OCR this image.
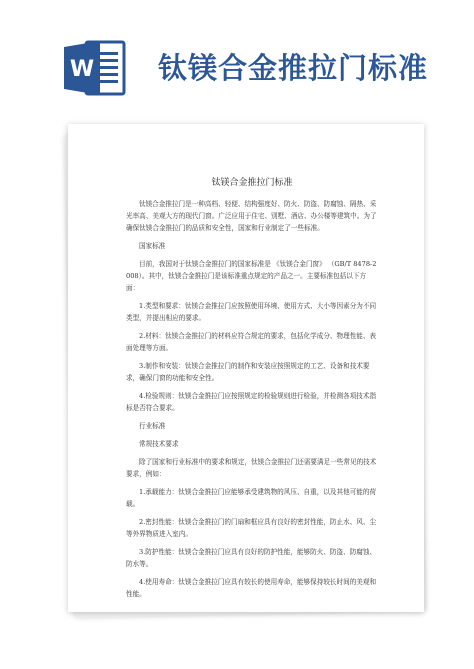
W 钛镁合金推拉门标准
钛镁合金推拉门标准
钛镁合金推拉门是一种高档、轻便、结构强度好、防火、防盗、防腐蚀、隔热、采光率高、美观大方的现代门窗。广泛应用于住宅、别墅、酒店、办公楼等建筑中。为了确保钛镁合金推拉门的品质和安全性，国家和行业制定了一些标准。
国家标准
目前，我国对于钛镁合金推拉门的国家标准是 《钛镁合金门窗》 （GB/T 8478-2008）。其中，钛镁合金推拉门是该标准重点规定的产品之一。主要标准包括以下方面：
1.类型和要求：钛镁合金推拉门应按照使用环境、使用方式、大小等因素分为不同类型，并提出相应的要求。
2.材料：钛镁合金推拉门的材料应符合规定的要求，包括化学成分、物理性能、表面处理等方面。
3.制作和安装：钛镁合金推拉门的制作和安装应按照规定的工艺、设备和技术要求，确保门窗的功能和安全性。
4.检验规则：钛镁合金推拉门应按照规定的检验规则进行检验，并检测各项技术指标是否符合要求。
行业标准
常规技术要求
除了国家和行业标准中的要求和规定，钛镁合金推拉门还需要满足一些常见的技术要求，例如：
1.承载能力：钛镁合金推拉门应能够承受建筑物的风压、自重，以及其他可能的荷载。
2.密封性能：钛镁合金推拉门的门扇和框应具有良好的密封性能，防止水、风、尘等外界物质进入室内。
3.防护性能：钛镁合金推拉门应具有良好的防护性能，能够防火、防盗、防腐蚀、防水等。
4.使用寿命：钛镁合金推拉门应具有较长的使用寿命，能够保持较长时间的美观和性能。
